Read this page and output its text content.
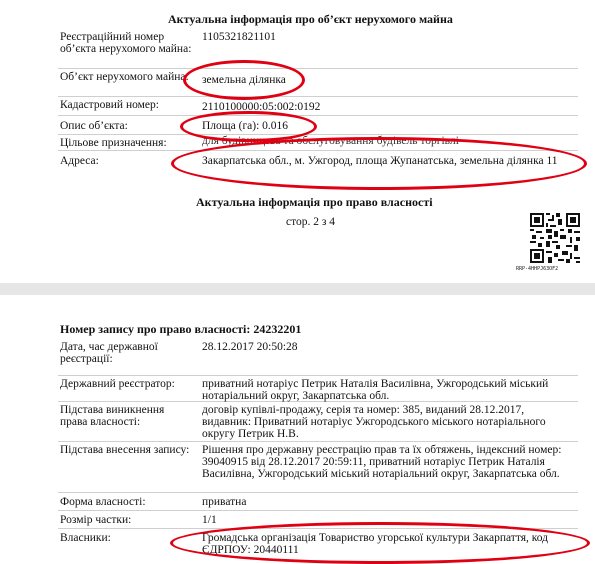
Актуальна інформація про об’єкт нерухомого майна
Реєстраційний номер об’єкта нерухомого майна:
1105321821101
Об’єкт нерухомого майна:	земельна ділянка
Кадастровий номер:	2110100000:05:002:0192
Опис об’єкта:	Площа (га): 0.016
Цільове призначення:	для будівництва та обслуговування будівель торгівлі
Адреса:	Закарпатська обл., м. Ужгород, площа Жупанатська, земельна ділянка 11
Актуальна інформація про право власності
стор. 2 з 4
RRP-4HHPJ63OF2
Номер запису про право власності: 24232201
Дата, час державної реєстрації:
28.12.2017 20:50:28
Державний реєстратор:	приватний нотаріус Петрик Наталія Василівна, Ужгородський міський нотаріальний округ, Закарпатська обл.
Підстава виникнення права власності:
договір купівлі-продажу, серія та номер: 385, виданий 28.12.2017, видавник: Приватний нотаріус Ужгородського міського нотаріального округу Петрик Н.В.
Підстава внесення запису: Рішення про державну реєстрацію прав та їх обтяжень, індексний номер: 39040915 від 28.12.2017 20:59:11, приватний нотаріус Петрик Наталія Василівна, Ужгородський міський нотаріальний округ, Закарпатська обл.
Форма власності:	приватна
Розмір частки:	1/1
Власники:	Громадська організація Товариство угорської культури Закарпаття, код ЄДРПОУ: 20440111
